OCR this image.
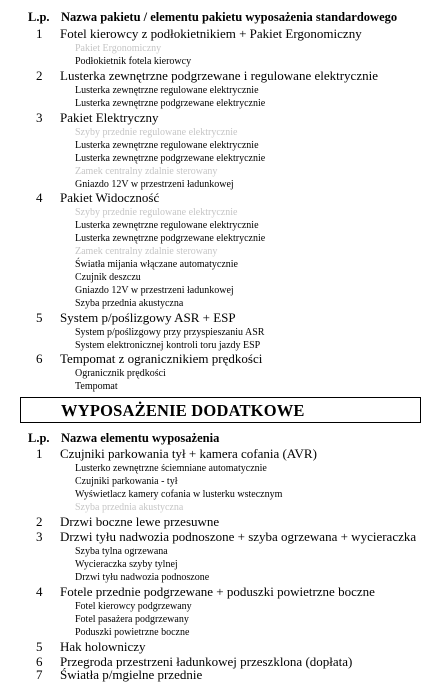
L.p. Nazwa pakietu / elementu pakietu wyposażenia standardowego
1 Fotel kierowcy z podłokietnikiem + Pakiet Ergonomiczny
Pakiet Ergonomiczny
Podłokietnik fotela kierowcy
2 Lusterka zewnętrzne podgrzewane i regulowane elektrycznie
Lusterka zewnętrzne regulowane elektrycznie
Lusterka zewnętrzne podgrzewane elektrycznie
3 Pakiet Elektryczny
Szyby przednie regulowane elektrycznie
Lusterka zewnętrzne regulowane elektrycznie
Lusterka zewnętrzne podgrzewane elektrycznie
Zamek centralny zdalnie sterowany
Gniazdo 12V w przestrzeni ładunkowej
4 Pakiet Widoczność
Szyby przednie regulowane elektrycznie
Lusterka zewnętrzne regulowane elektrycznie
Lusterka zewnętrzne podgrzewane elektrycznie
Zamek centralny zdalnie sterowany
Światła mijania włączane automatycznie
Czujnik deszczu
Gniazdo 12V w przestrzeni ładunkowej
Szyba przednia akustyczna
5 System p/poślizgowy ASR + ESP
System p/poślizgowy przy przyspieszaniu ASR
System elektronicznej kontroli toru jazdy ESP
6 Tempomat z ogranicznikiem prędkości
Ogranicznik prędkości
Tempomat
WYPOSAŻENIE DODATKOWE
L.p. Nazwa elementu wyposażenia
1 Czujniki parkowania tył + kamera cofania (AVR)
Lusterko zewnętrzne ściemniane automatycznie
Czujniki parkowania - tył
Wyświetlacz kamery cofania w lusterku wstecznym
Szyba przednia akustyczna
2 Drzwi boczne lewe przesuwne
3 Drzwi tyłu nadwozia podnoszone + szyba ogrzewana + wycieraczka
Szyba tylna ogrzewana
Wycieraczka szyby tylnej
Drzwi tyłu nadwozia podnoszone
4 Fotele przednie podgrzewane + poduszki powietrzne boczne
Fotel kierowcy podgrzewany
Fotel pasażera podgrzewany
Poduszki powietrzne boczne
5 Hak holowniczy
6 Przegroda przestrzeni ładunkowej przeszklona (dopłata)
7 Światła p/mgielne przednie
